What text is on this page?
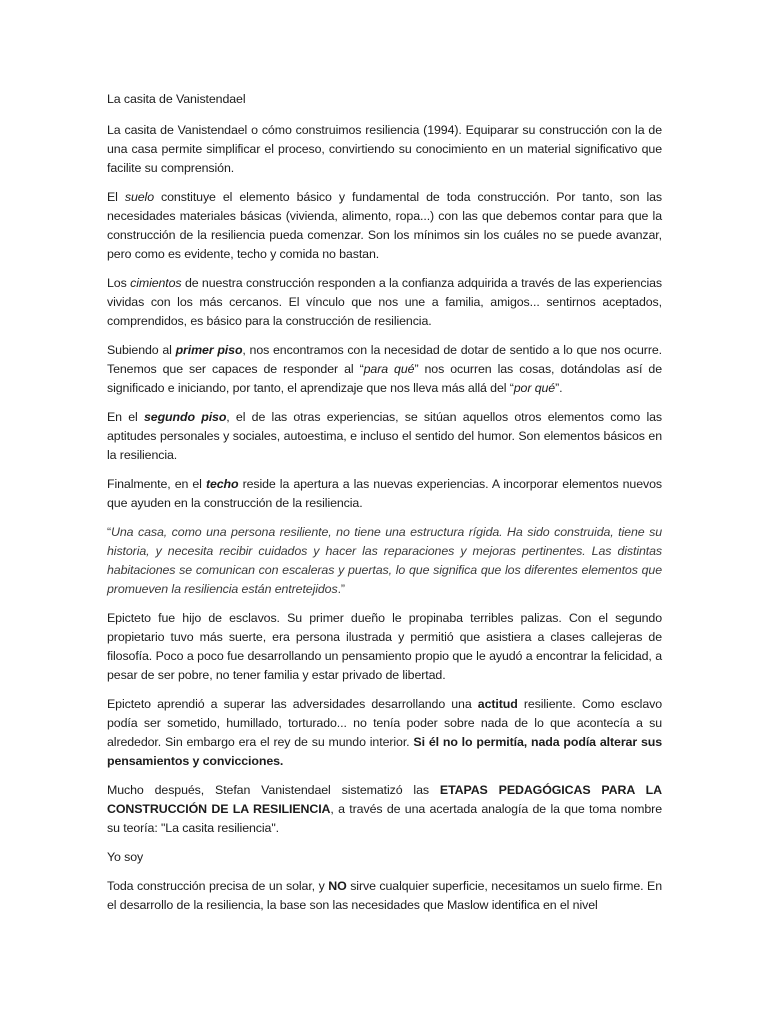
La casita de Vanistendael

La casita de Vanistendael o cómo construimos resiliencia (1994). Equiparar su construcción con la de una casa permite simplificar el proceso, convirtiendo su conocimiento en un material significativo que facilite su comprensión.

El suelo constituye el elemento básico y fundamental de toda construcción. Por tanto, son las necesidades materiales básicas (vivienda, alimento, ropa...) con las que debemos contar para que la construcción de la resiliencia pueda comenzar. Son los mínimos sin los cuáles no se puede avanzar, pero como es evidente, techo y comida no bastan.

Los cimientos de nuestra construcción responden a la confianza adquirida a través de las experiencias vividas con los más cercanos. El vínculo que nos une a familia, amigos... sentirnos aceptados, comprendidos, es básico para la construcción de resiliencia.

Subiendo al primer piso, nos encontramos con la necesidad de dotar de sentido a lo que nos ocurre. Tenemos que ser capaces de responder al “para qué” nos ocurren las cosas, dotándolas así de significado e iniciando, por tanto, el aprendizaje que nos lleva más allá del “por qué”.

En el segundo piso, el de las otras experiencias, se sitúan aquellos otros elementos como las aptitudes personales y sociales, autoestima, e incluso el sentido del humor. Son elementos básicos en la resiliencia.

Finalmente, en el techo reside la apertura a las nuevas experiencias. A incorporar elementos nuevos que ayuden en la construcción de la resiliencia.

“Una casa, como una persona resiliente, no tiene una estructura rígida. Ha sido construida, tiene su historia, y necesita recibir cuidados y hacer las reparaciones y mejoras pertinentes. Las distintas habitaciones se comunican con escaleras y puertas, lo que significa que los diferentes elementos que promueven la resiliencia están entretejidos.”

Epicteto fue hijo de esclavos. Su primer dueño le propinaba terribles palizas. Con el segundo propietario tuvo más suerte, era persona ilustrada y permitió que asistiera a clases callejeras de filosofía. Poco a poco fue desarrollando un pensamiento propio que le ayudó a encontrar la felicidad, a pesar de ser pobre, no tener familia y estar privado de libertad.

Epicteto aprendió a superar las adversidades desarrollando una actitud resiliente. Como esclavo podía ser sometido, humillado, torturado... no tenía poder sobre nada de lo que acontecía a su alrededor. Sin embargo era el rey de su mundo interior. Si él no lo permitía, nada podía alterar sus pensamientos y convicciones.

Mucho después, Stefan Vanistendael sistematizó las ETAPAS PEDAGÓGICAS PARA LA CONSTRUCCIÓN DE LA RESILIENCIA, a través de una acertada analogía de la que toma nombre su teoría: "La casita resiliencia".

Yo soy

Toda construcción precisa de un solar, y NO sirve cualquier superficie, necesitamos un suelo firme. En el desarrollo de la resiliencia, la base son las necesidades que Maslow identifica en el nivel
